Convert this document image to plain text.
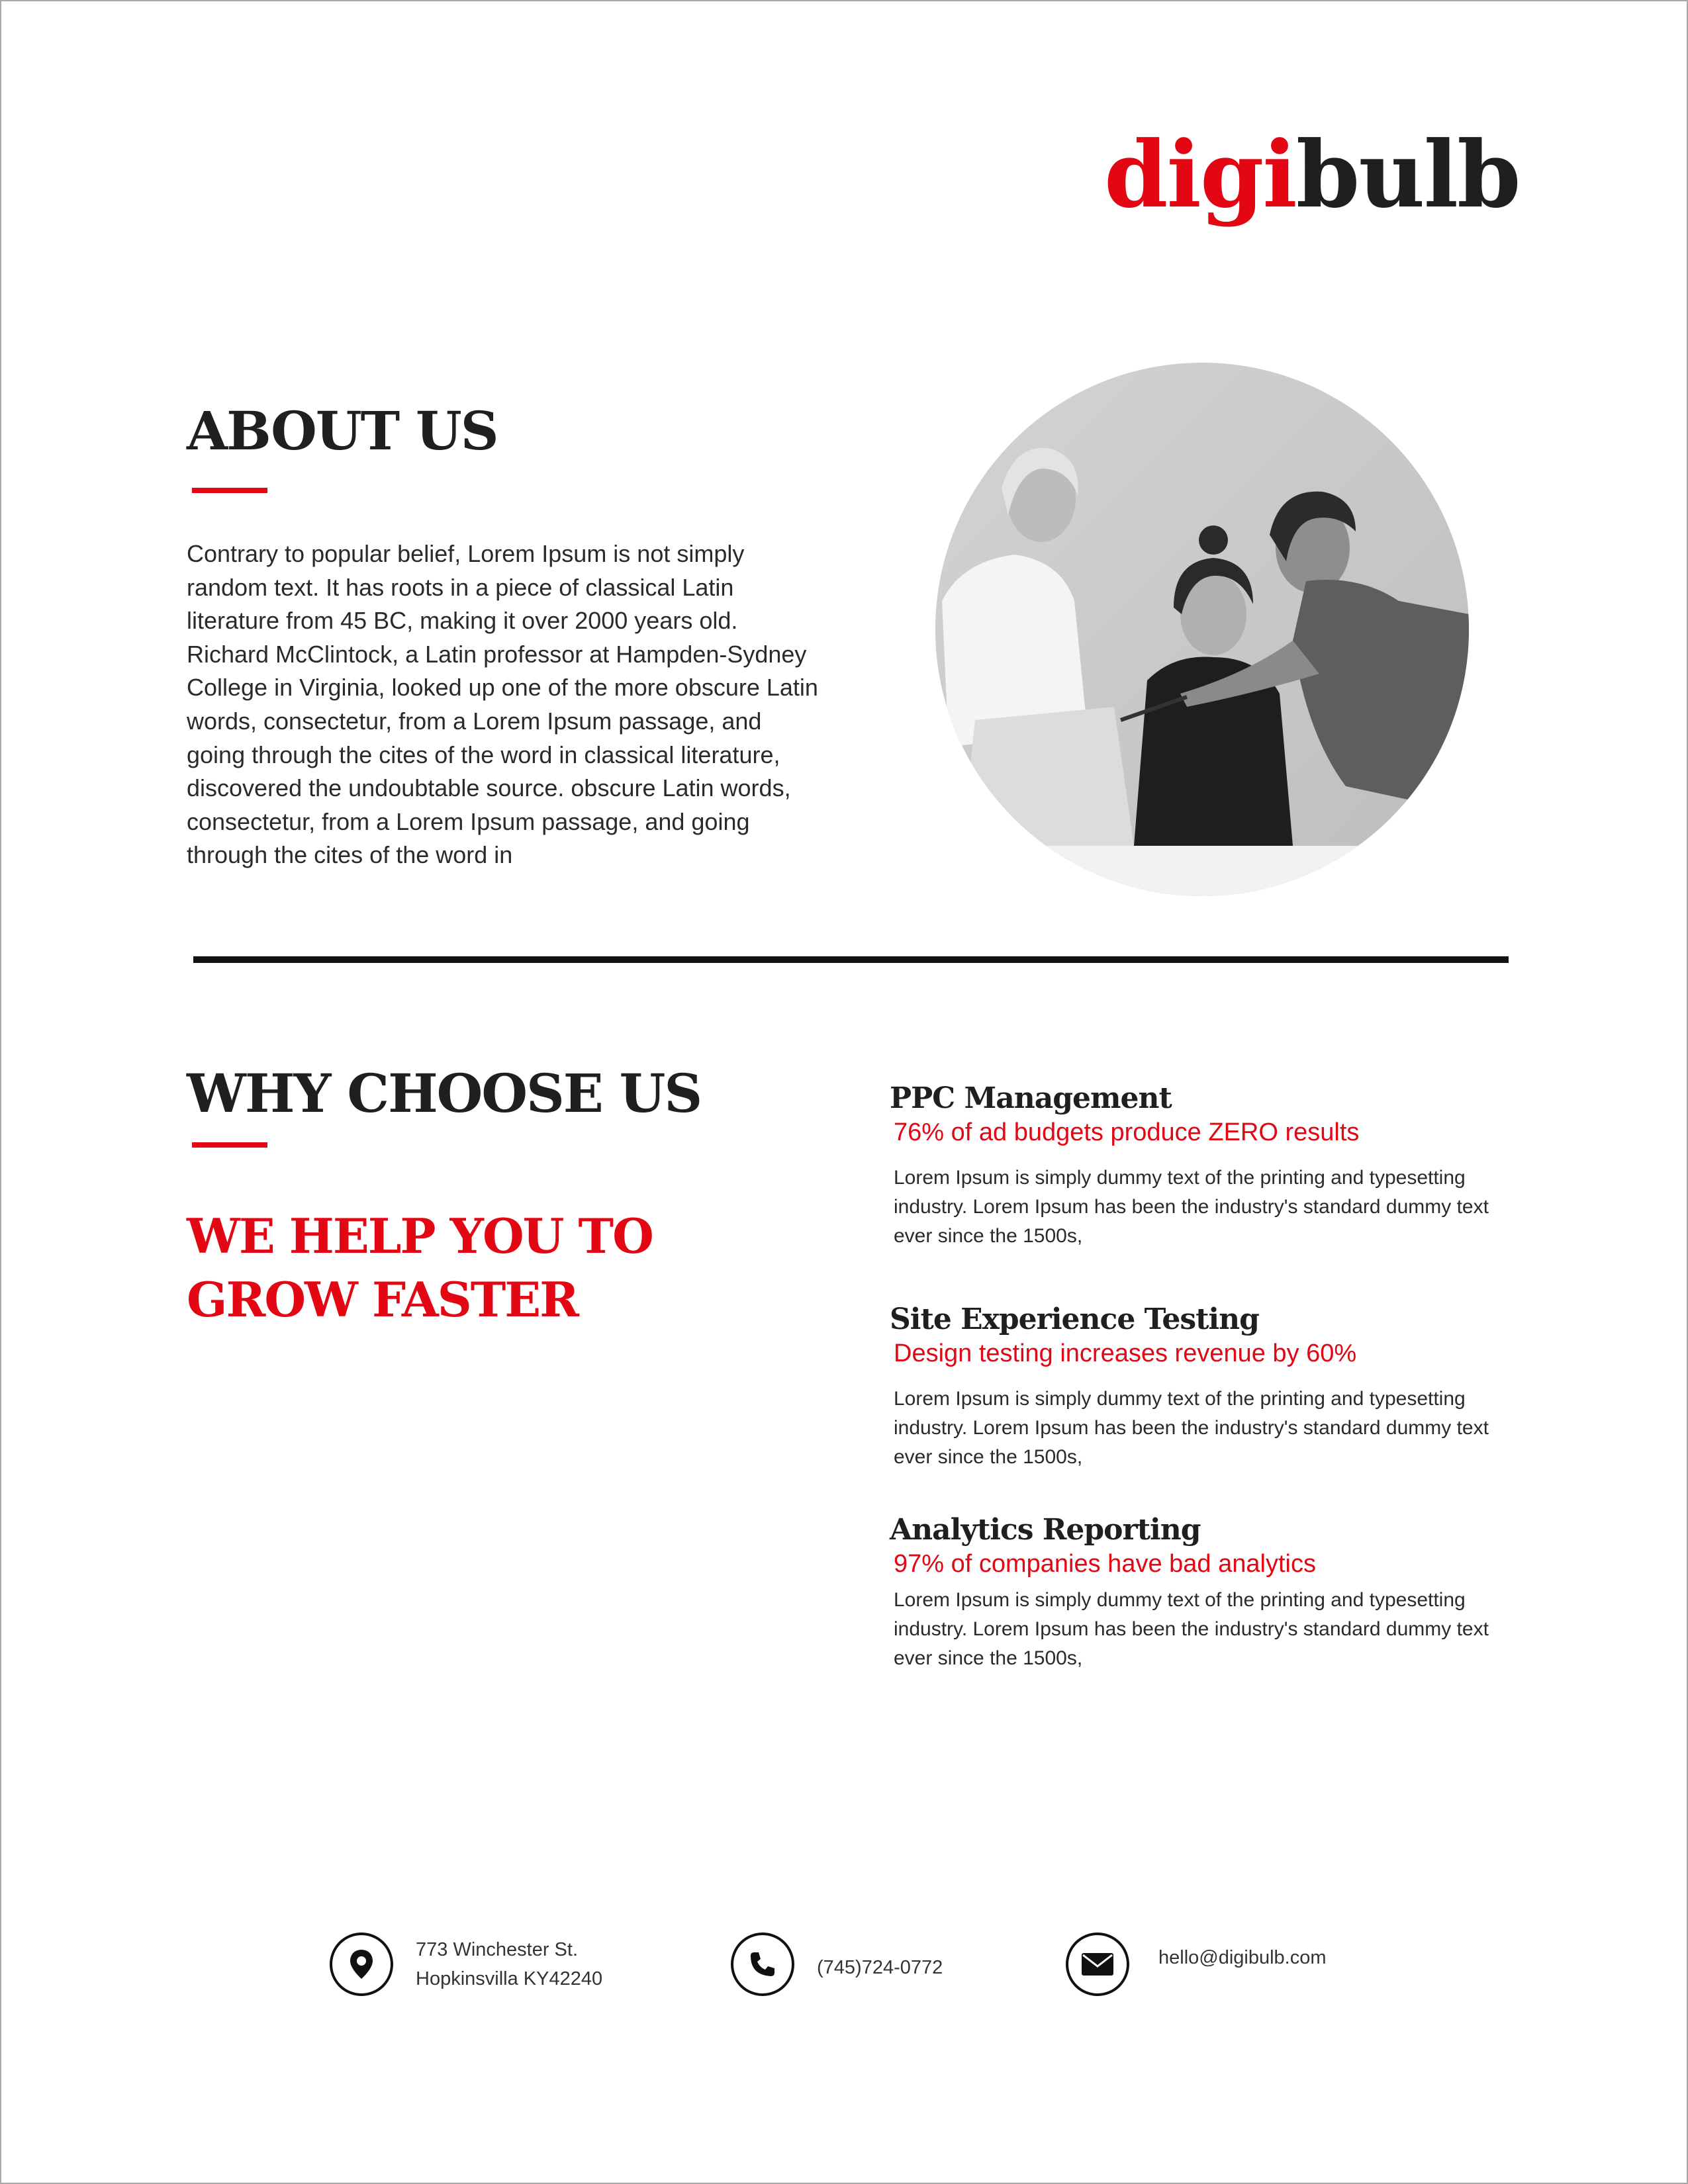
digibulb
ABOUT US

Contrary to popular belief, Lorem Ipsum is not simply random text. It has roots in a piece of classical Latin literature from 45 BC, making it over 2000 years old. Richard McClintock, a Latin professor at Hampden-Sydney College in Virginia, looked up one of the more obscure Latin words, consectetur, from a Lorem Ipsum passage, and going through the cites of the word in classical literature, discovered the undoubtable source. obscure Latin words, consectetur, from a Lorem Ipsum passage, and going through the cites of the word in

WHY CHOOSE US

WE HELP YOU TO
GROW FASTER

PPC Management

76% of ad budgets produce ZERO results

Lorem Ipsum is simply dummy text of the printing and typesetting industry. Lorem Ipsum has been the industry's standard dummy text ever since the 1500s,

Site Experience Testing

Design testing increases revenue by 60%

Lorem Ipsum is simply dummy text of the printing and typesetting industry. Lorem Ipsum has been the industry's standard dummy text ever since the 1500s,

Analytics Reporting

97% of companies have bad analytics

Lorem Ipsum is simply dummy text of the printing and typesetting industry. Lorem Ipsum has been the industry's standard dummy text ever since the 1500s,

773 Winchester St.
Hopkinsvilla KY42240
(745)724-0772	hello@digibulb.com
